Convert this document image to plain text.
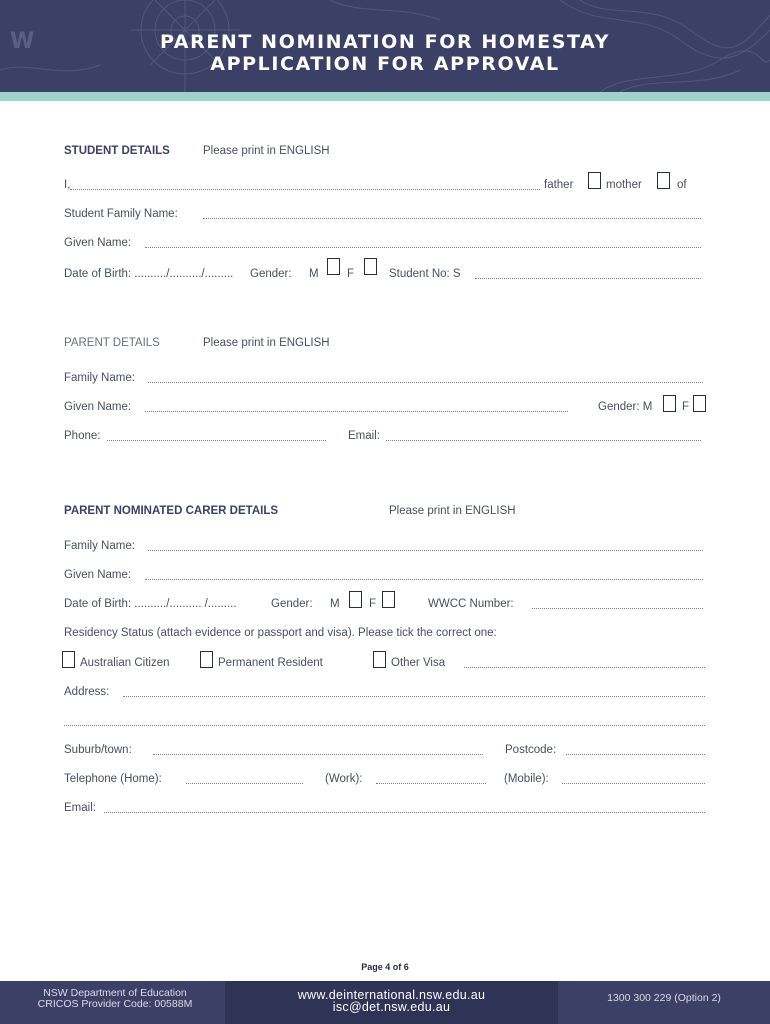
W	PARENT NOMINATION FOR HOMESTAY
APPLICATION FOR APPROVAL
STUDENT DETAILS	Please print in ENGLISH
I,	father	mother	of
Student Family Name:
Given Name:
Date of Birth: ........../........../......... Gender: M F	Student No: S
PARENT DETAILS	Please print in ENGLISH
Family Name:
Given Name:	Gender: M	F
Phone:	Email:
PARENT NOMINATED CARER DETAILS	Please print in ENGLISH
Family Name:
Given Name:
Date of Birth: ........../.......... /.........	Gender: M	F	WWCC Number:
Residency Status (attach evidence or passport and visa). Please tick the correct one:
Australian Citizen	Permanent Resident	Other Visa
Address:
Suburb/town:	Postcode:
Telephone (Home):	(Work):	(Mobile):
Email:
Page 4 of 6
NSW Department of Education
CRICOS Provider Code: 00588M
www.deinternational.nsw.edu.au
isc@det.nsw.edu.au
1300 300 229 (Option 2)
